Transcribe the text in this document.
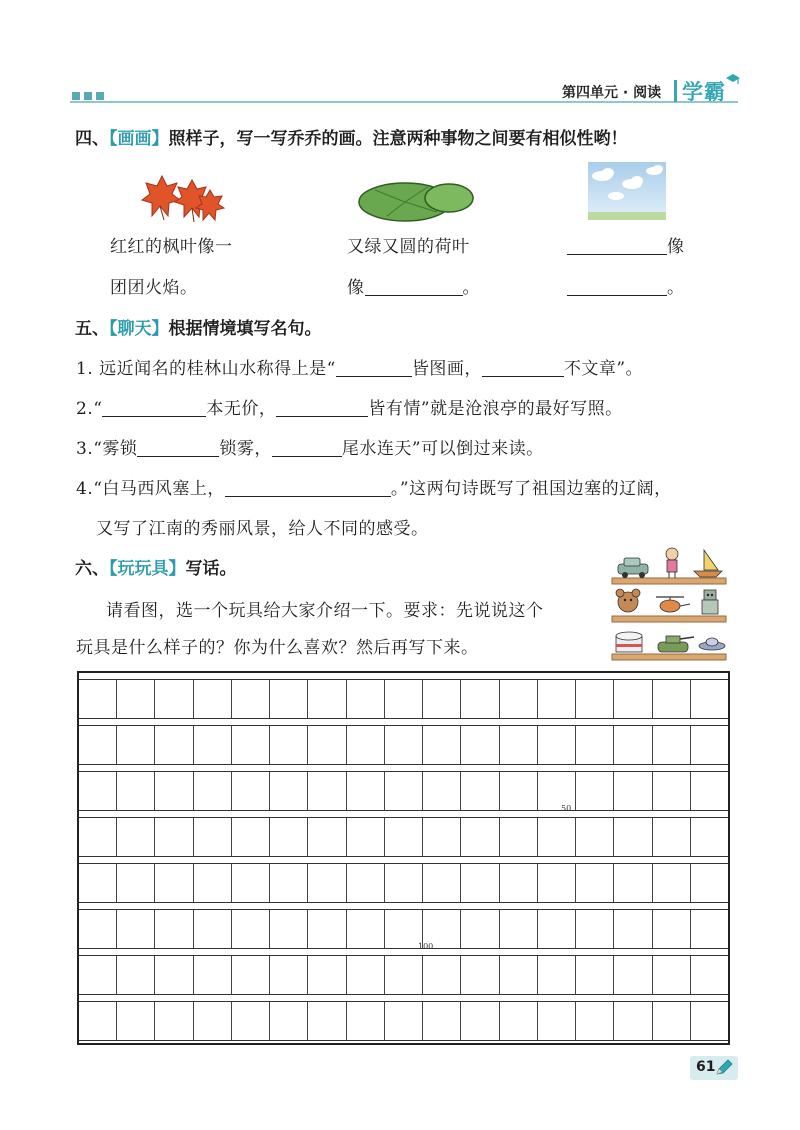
第四单元 · 阅读 学霸
四、【画画】照样子，写一写乔乔的画。注意两种事物之间要有相似性哟！
红红的枫叶像一
团团火焰。
又绿又圆的荷叶
像	。
像
。
五、【聊天】根据情境填写名句。
1. 远近闻名的桂林山水称得上是“	皆图画，	不文章”。
2.“	本无价，	皆有情”就是沧浪亭的最好写照。
3.“雾锁	锁雾，	尾水连天”可以倒过来读。
4.“白马西风塞上，	。”这两句诗既写了祖国边塞的辽阔，
又写了江南的秀丽风景，给人不同的感受。
六、【玩玩具】写话。
请看图，选一个玩具给大家介绍一下。要求：先说说这个
玩具是什么样子的？你为什么喜欢？然后再写下来。
50
100
61
